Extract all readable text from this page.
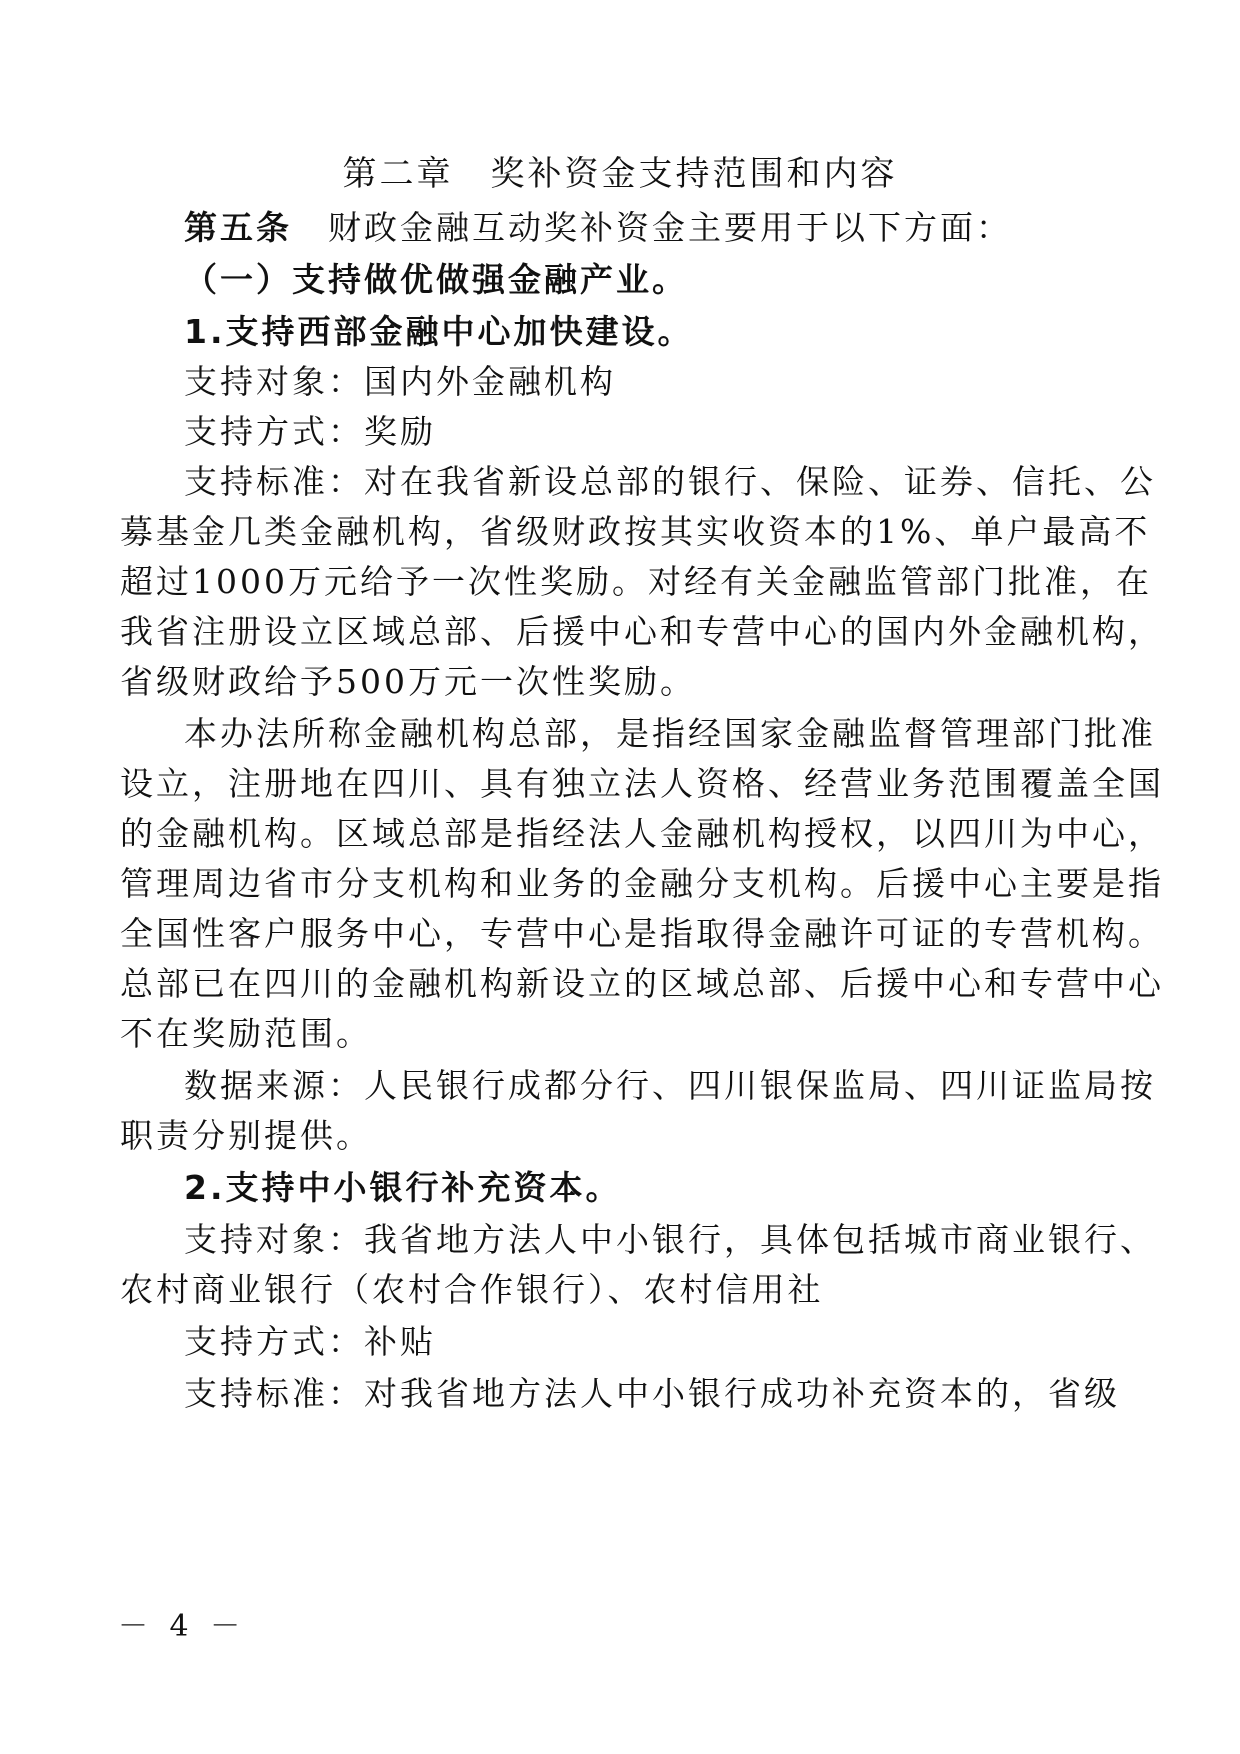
第二章　奖补资金支持范围和内容
第五条　 财政金融互动奖补资金主要用于以下方面：
（一）支持做优做强金融产业。
1.支持西部金融中心加快建设。
支持对象：国内外金融机构
支持方式：奖励
支持标准：对在我省新设总部的银行、保险、证券、信托、公
募基金几类金融机构，省级财政按其实收资本的1%、单户最高不
超过1000万元给予一次性奖励。对经有关金融监管部门批准，在
我省注册设立区域总部、后援中心和专营中心的国内外金融机构，
省级财政给予500万元一次性奖励。
本办法所称金融机构总部，是指经国家金融监督管理部门批准
设立，注册地在四川、具有独立法人资格、经营业务范围覆盖全国
的金融机构。区域总部是指经法人金融机构授权，以四川为中心，
管理周边省市分支机构和业务的金融分支机构。后援中心主要是指
全国性客户服务中心，专营中心是指取得金融许可证的专营机构。
总部已在四川的金融机构新设立的区域总部、后援中心和专营中心
不在奖励范围。
数据来源：人民银行成都分行、四川银保监局、四川证监局按
职责分别提供。
2.支持中小银行补充资本。
支持对象：我省地方法人中小银行，具体包括城市商业银行、
农村商业银行（农村合作银行）、农村信用社
支持方式：补贴
支持标准：对我省地方法人中小银行成功补充资本的，省级
－ 4 －
